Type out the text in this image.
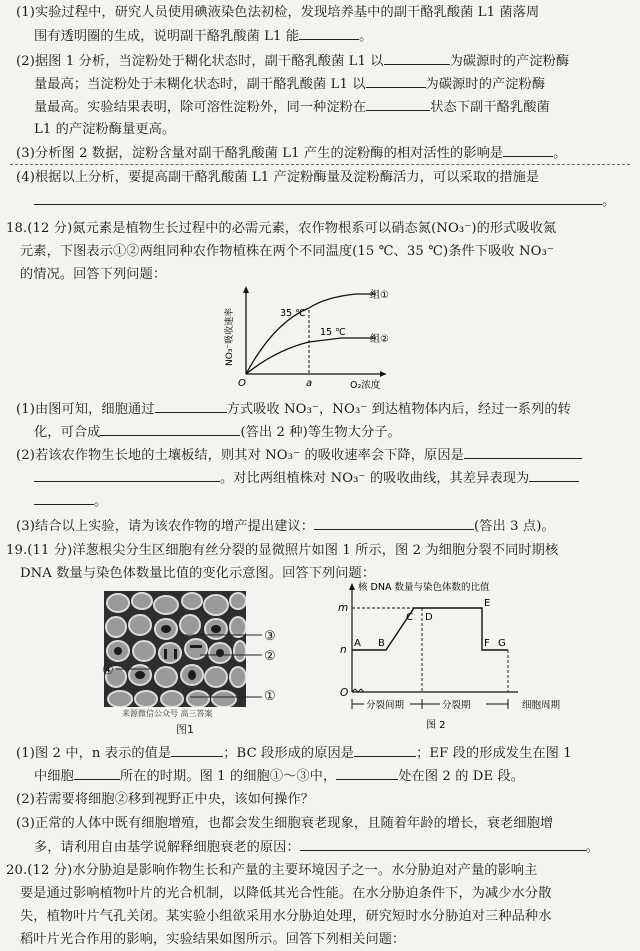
(1)实验过程中，研究人员使用碘液染色法初检，发现培养基中的副干酪乳酸菌 L1 菌落周
围有透明圈的生成，说明副干酪乳酸菌 L1 能	。
(2)据图 1 分析，当淀粉处于糊化状态时，副干酪乳酸菌 L1 以	为碳源时的产淀粉酶
量最高；当淀粉处于未糊化状态时，副干酪乳酸菌 L1 以	为碳源时的产淀粉酶
量最高。实验结果表明，除可溶性淀粉外，同一种淀粉在	状态下副干酪乳酸菌
L1 的产淀粉酶量更高。
(3)分析图 2 数据，淀粉含量对副干酪乳酸菌 L1 产生的淀粉酶的相对活性的影响是	。
(4)根据以上分析，要提高副干酪乳酸菌 L1 产淀粉酶量及淀粉酶活力，可以采取的措施是
。
18.(12 分)氮元素是植物生长过程中的必需元素，农作物根系可以硝态氮(NO₃⁻)的形式吸收氮
元素，下图表示①②两组同种农作物植株在两个不同温度(15 ℃、35 ℃)条件下吸收 NO₃⁻
的情况。回答下列问题：
NO₃⁻吸收速率
O	a	O₂浓度
35 ℃
15 ℃
组①
组②
(1)由图可知，细胞通过	方式吸收 NO₃⁻，NO₃⁻ 到达植物体内后，经过一系列的转
化，可合成	(答出 2 种)等生物大分子。
(2)若该农作物生长地的土壤板结，则其对 NO₃⁻ 的吸收速率会下降，原因是
。对比两组植株对 NO₃⁻ 的吸收曲线，其差异表现为
。
(3)结合以上实验，请为该农作物的增产提出建议：	(答出 3 点)。
19.(11 分)洋葱根尖分生区细胞有丝分裂的显微照片如图 1 所示，图 2 为细胞分裂不同时期核
DNA 数量与染色体数量比值的变化示意图。回答下列问题：
③
②
④
①
来源微信公众号 高三答案
图1
核 DNA 数量与染色体数的比值
m
n
O
A B
C D
E
F G
分裂间期	分裂期	细胞周期
图 2
(1)图 2 中，n 表示的值是	；BC 段形成的原因是	；EF 段的形成发生在图 1
中细胞	所在的时期。图 1 的细胞①～③中，	处在图 2 的 DE 段。
(2)若需要将细胞②移到视野正中央，该如何操作？
(3)正常的人体中既有细胞增殖，也都会发生细胞衰老现象，且随着年龄的增长，衰老细胞增
多，请利用自由基学说解释细胞衰老的原因：	。
20.(12 分)水分胁迫是影响作物生长和产量的主要环境因子之一。水分胁迫对产量的影响主
要是通过影响植物叶片的光合机制，以降低其光合性能。在水分胁迫条件下，为减少水分散
失，植物叶片气孔关闭。某实验小组欲采用水分胁迫处理，研究短时水分胁迫对三种品种水
稻叶片光合作用的影响，实验结果如图所示。回答下列相关问题：
